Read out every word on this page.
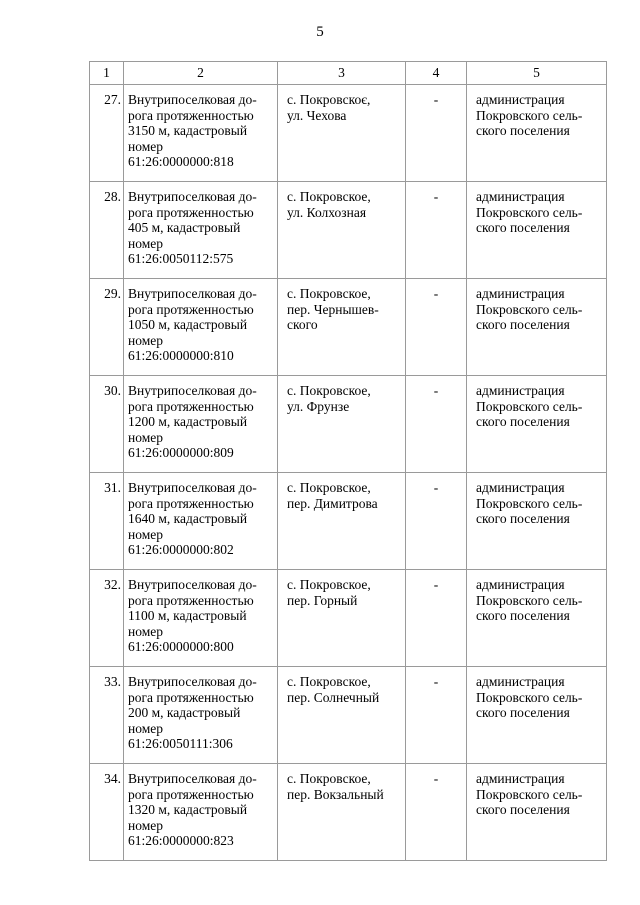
5
1	2	3	4	5
27.	Внутрипоселковая до-
рога протяженностью
3150 м, кадастровый
номер
61:26:0000000:818	с. Покровскоє,
ул. Чехова	-	администрация
Покровского сель-
ского поселения

28.	Внутрипоселковая до-
рога протяженностью
405 м, кадастровый
номер
61:26:0050112:575	с. Покровское,
ул. Колхозная	-	администрация
Покровского сель-
ского поселения

29.	Внутрипоселковая до-
рога протяженностью
1050 м, кадастровый
номер
61:26:0000000:810	с. Покровское,
пер. Чернышев-
ского	-	администрация
Покровского сель-
ского поселения

30.	Внутрипоселковая до-
рога протяженностью
1200 м, кадастровый
номер
61:26:0000000:809	с. Покровское,
ул. Фрунзе	-	администрация
Покровского сель-
ского поселения

31.	Внутрипоселковая до-
рога протяженностью
1640 м, кадастровый
номер
61:26:0000000:802	с. Покровское,
пер. Димитрова	-	администрация
Покровского сель-
ского поселения

32.	Внутрипоселковая до-
рога протяженностью
1100 м, кадастровый
номер
61:26:0000000:800	с. Покровское,
пер. Горный	-	администрация
Покровского сель-
ского поселения

33.	Внутрипоселковая до-
рога протяженностью
200 м, кадастровый
номер
61:26:0050111:306	с. Покровское,
пер. Солнечный	-	администрация
Покровского сель-
ского поселения

34.	Внутрипоселковая до-
рога протяженностью
1320 м, кадастровый
номер
61:26:0000000:823	с. Покровское,
пер. Вокзальный	-	администрация
Покровского сель-
ского поселения
